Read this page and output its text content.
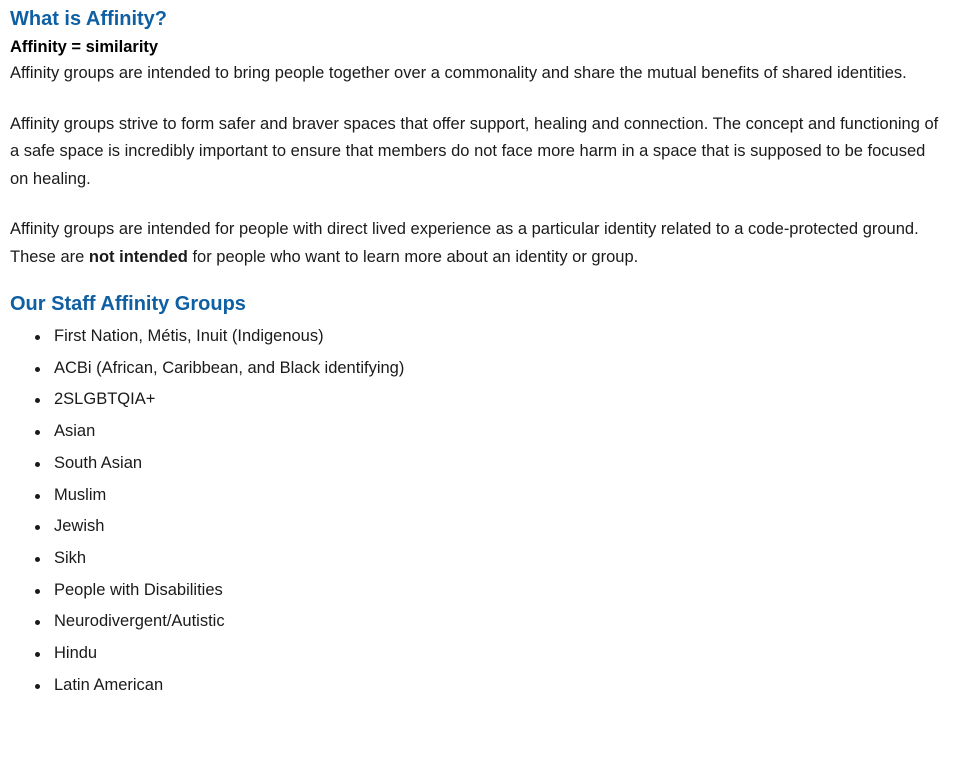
What is Affinity?
Affinity = similarity

Affinity groups are intended to bring people together over a commonality and share the mutual benefits of shared identities.

Affinity groups strive to form safer and braver spaces that offer support, healing and connection. The concept and functioning of a safe space is incredibly important to ensure that members do not face more harm in a space that is supposed to be focused on healing.

Affinity groups are intended for people with direct lived experience as a particular identity related to a code-protected ground. These are not intended for people who want to learn more about an identity or group.

Our Staff Affinity Groups
First Nation, Métis, Inuit (Indigenous)
ACBi (African, Caribbean, and Black identifying)
2SLGBTQIA+
Asian
South Asian
Muslim
Jewish
Sikh
People with Disabilities
Neurodivergent/Autistic
Hindu
Latin American
